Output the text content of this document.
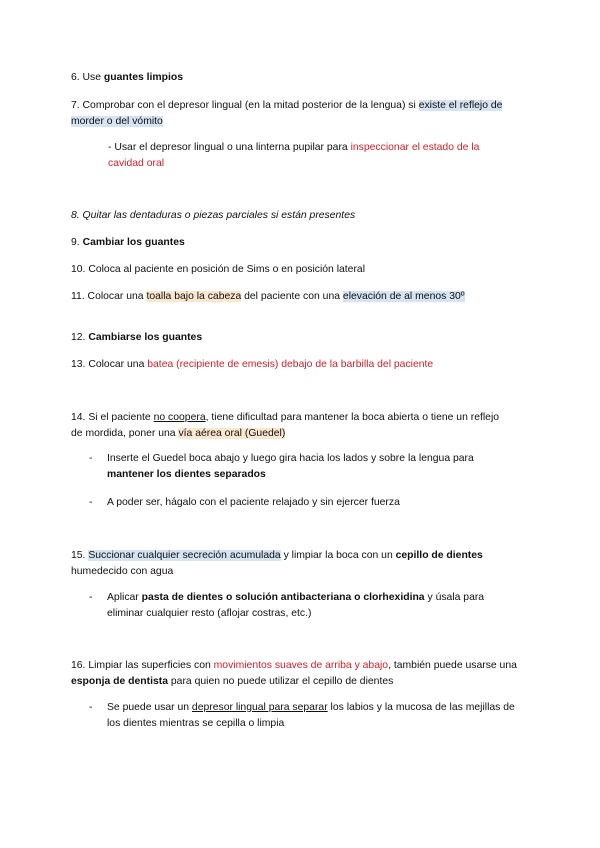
6. Use guantes limpios

7. Comprobar con el depresor lingual (en la mitad posterior de la lengua) si existe el reflejo de morder o del vómito

- Usar el depresor lingual o una linterna pupilar para inspeccionar el estado de la cavidad oral

8. Quitar las dentaduras o piezas parciales si están presentes

9. Cambiar los guantes

10. Coloca al paciente en posición de Sims o en posición lateral

11. Colocar una toalla bajo la cabeza del paciente con una elevación de al menos 30º

12. Cambiarse los guantes

13. Colocar una batea (recipiente de emesis) debajo de la barbilla del paciente

14. Si el paciente no coopera, tiene dificultad para mantener la boca abierta o tiene un reflejo de mordida, poner una vía aérea oral (Guedel)

- Inserte el Guedel boca abajo y luego gira hacia los lados y sobre la lengua para mantener los dientes separados

- A poder ser, hágalo con el paciente relajado y sin ejercer fuerza

15. Succionar cualquier secreción acumulada y limpiar la boca con un cepillo de dientes humedecido con agua

- Aplicar pasta de dientes o solución antibacteriana o clorhexidina y úsala para eliminar cualquier resto (aflojar costras, etc.)

16. Limpiar las superficies con movimientos suaves de arriba y abajo, también puede usarse una esponja de dentista para quien no puede utilizar el cepillo de dientes

- Se puede usar un depresor lingual para separar los labios y la mucosa de las mejillas de los dientes mientras se cepilla o limpia
